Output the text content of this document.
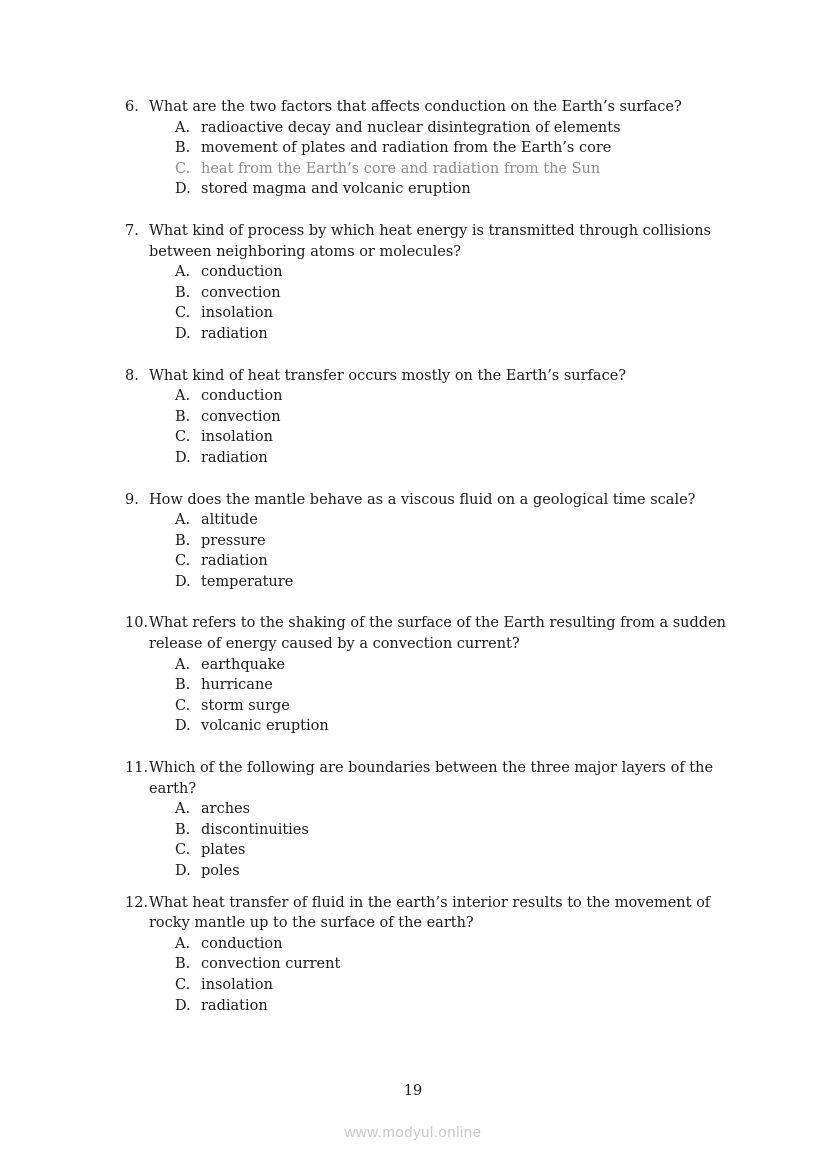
6. What are the two factors that affects conduction on the Earth’s surface?
A. radioactive decay and nuclear disintegration of elements
B. movement of plates and radiation from the Earth’s core
C. heat from the Earth’s core and radiation from the Sun
D. stored magma and volcanic eruption
7. What kind of process by which heat energy is transmitted through collisions between neighboring atoms or molecules?
A. conduction
B. convection
C. insolation
D. radiation
8. What kind of heat transfer occurs mostly on the Earth’s surface?
A. conduction
B. convection
C. insolation
D. radiation
9. How does the mantle behave as a viscous fluid on a geological time scale?
A. altitude
B. pressure
C. radiation
D. temperature
10. What refers to the shaking of the surface of the Earth resulting from a sudden release of energy caused by a convection current?
A. earthquake
B. hurricane
C. storm surge
D. volcanic eruption
11. Which of the following are boundaries between the three major layers of the earth?
A. arches
B. discontinuities
C. plates
D. poles
12. What heat transfer of fluid in the earth’s interior results to the movement of rocky mantle up to the surface of the earth?
A. conduction
B. convection current
C. insolation
D. radiation
19
www.modyul.online
